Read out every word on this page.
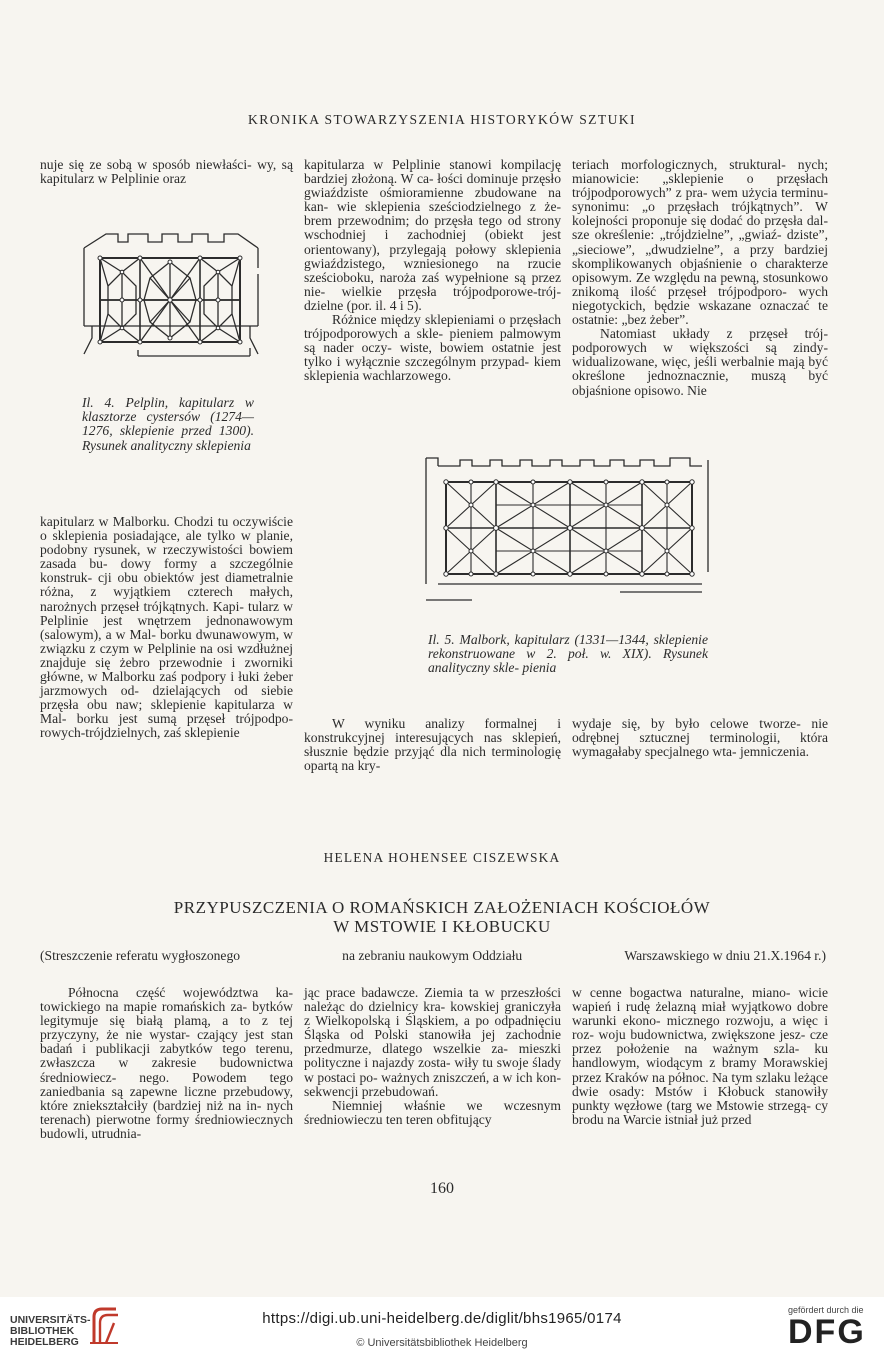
KRONIKA STOWARZYSZENIA HISTORYKÓW SZTUKI

nuje się ze sobą w sposób niewłaści- wy, są kapitularz w Pelplinie oraz

Il. 4. Pelplin, kapitularz w klasztorze cystersów (1274—1276, sklepienie przed 1300). Rysunek analityczny sklepienia

kapitularz w Malborku. Chodzi tu oczywiście o sklepienia posiadające, ale tylko w planie, podobny rysunek, w rzeczywistości bowiem zasada bu- dowy formy a szczególnie konstruk- cji obu obiektów jest diametralnie różna, z wyjątkiem czterech małych, narożnych przęseł trójkątnych. Kapi- tularz w Pelplinie jest wnętrzem jednonawowym (salowym), a w Mal- borku dwunawowym, w związku z czym w Pelplinie na osi wzdłużnej znajduje się żebro przewodnie i zworniki główne, w Malborku zaś podpory i łuki żeber jarzmowych od- dzielających od siebie przęsła obu naw; sklepienie kapitularza w Mal- borku jest sumą przęseł trójpodpo- rowych-trójdzielnych, zaś sklepienie

kapitularza w Pelplinie stanowi kompilację bardziej złożoną. W ca- łości dominuje przęsło gwiaździste ośmioramienne zbudowane na kan- wie sklepienia sześciodzielnego z że- brem przewodnim; do przęsła tego od strony wschodniej i zachodniej (obiekt jest orientowany), przylegają połowy sklepienia gwiaździstego, wzniesionego na rzucie sześcioboku, naroża zaś wypełnione są przez nie- wielkie przęsła trójpodporowe-trój- dzielne (por. il. 4 i 5).

Różnice między sklepieniami o przęsłach trójpodporowych a skle- pieniem palmowym są nader oczy- wiste, bowiem ostatnie jest tylko i wyłącznie szczególnym przypad- kiem sklepienia wachlarzowego.

teriach morfologicznych, struktural- nych; mianowicie: „sklepienie o przęsłach trójpodporowych” z pra- wem użycia terminu-synonimu: „o przęsłach trójkątnych”. W kolejności proponuje się dodać do przęsła dal- sze określenie: „trójdzielne”, „gwiaź- dziste”, „sieciowe”, „dwudzielne”, a przy bardziej skomplikowanych objaśnienie o charakterze opisowym. Ze względu na pewną, stosunkowo znikomą ilość przęseł trójpodporo- wych niegotyckich, będzie wskazane oznaczać te ostatnie: „bez żeber”.

Natomiast układy z przęseł trój- podporowych w większości są zindy- widualizowane, więc, jeśli werbalnie mają być określone jednoznacznie, muszą być objaśnione opisowo. Nie

Il. 5. Malbork, kapitularz (1331—1344, sklepienie rekonstruowane w 2. poł. w. XIX). Rysunek analityczny skle- pienia

W wyniku analizy formalnej i konstrukcyjnej interesujących nas sklepień, słusznie będzie przyjąć dla nich terminologię opartą na kry-

wydaje się, by było celowe tworze- nie odrębnej sztucznej terminologii, która wymagałaby specjalnego wta- jemniczenia.

HELENA HOHENSEE CISZEWSKA
PRZYPUSZCZENIA O ROMAŃSKICH ZAŁOŻENIACH KOŚCIOŁÓW
W MSTOWIE I KŁOBUCKU
(Streszczenie referatu wygłoszonego	na zebraniu naukowym Oddziału	Warszawskiego w dniu 21.X.1964 r.)

Północna część województwa ka- towickiego na mapie romańskich za- bytków legitymuje się białą plamą, a to z tej przyczyny, że nie wystar- czający jest stan badań i publikacji zabytków tego terenu, zwłaszcza w zakresie budownictwa średniowiecz- nego. Powodem tego zaniedbania są zapewne liczne przebudowy, które zniekształciły (bardziej niż na in- nych terenach) pierwotne formy średniowiecznych budowli, utrudnia-

jąc prace badawcze. Ziemia ta w przeszłości należąc do dzielnicy kra- kowskiej graniczyła z Wielkopolską i Śląskiem, a po odpadnięciu Śląska od Polski stanowiła jej zachodnie przedmurze, dlatego wszelkie za- mieszki polityczne i najazdy zosta- wiły tu swoje ślady w postaci po- ważnych zniszczeń, a w ich kon- sekwencji przebudowań.

Niemniej właśnie we wczesnym średniowieczu ten teren obfitujący

w cenne bogactwa naturalne, miano- wicie wapień i rudę żelazną miał wyjątkowo dobre warunki ekono- micznego rozwoju, a więc i roz- woju budownictwa, zwiększone jesz- cze przez położenie na ważnym szla- ku handlowym, wiodącym z bramy Morawskiej przez Kraków na północ. Na tym szlaku leżące dwie osady: Mstów i Kłobuck stanowiły punkty węzłowe (targ we Mstowie strzegą- cy brodu na Warcie istniał już przed

160
UNIVERSITÄTS-
BIBLIOTHEK
HEIDELBERG
https://digi.ub.uni-heidelberg.de/diglit/bhs1965/0174
© Universitätsbibliothek Heidelberg
gefördert durch die
DFG
